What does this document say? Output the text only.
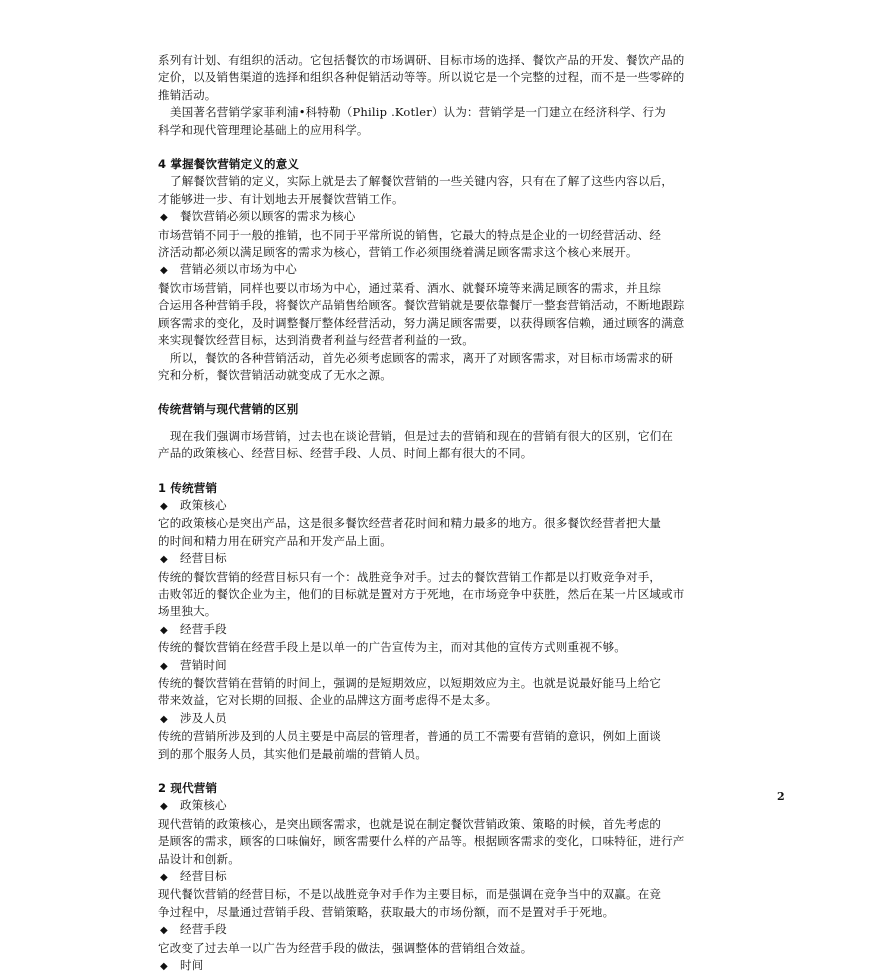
系列有计划、有组织的活动。它包括餐饮的市场调研、目标市场的选择、餐饮产品的开发、餐饮产品的
定价，以及销售渠道的选择和组织各种促销活动等等。所以说它是一个完整的过程，而不是一些零碎的
推销活动。
美国著名营销学家菲利浦•科特勒（Philip .Kotler）认为：营销学是一门建立在经济科学、行为
科学和现代管理理论基础上的应用科学。
4 掌握餐饮营销定义的意义
了解餐饮营销的定义，实际上就是去了解餐饮营销的一些关键内容，只有在了解了这些内容以后，
才能够进一步、有计划地去开展餐饮营销工作。
◆ 餐饮营销必须以顾客的需求为核心
市场营销不同于一般的推销，也不同于平常所说的销售，它最大的特点是企业的一切经营活动、经
济活动都必须以满足顾客的需求为核心，营销工作必须围绕着满足顾客需求这个核心来展开。
◆ 营销必须以市场为中心
餐饮市场营销，同样也要以市场为中心，通过菜肴、酒水、就餐环境等来满足顾客的需求，并且综
合运用各种营销手段，将餐饮产品销售给顾客。餐饮营销就是要依靠餐厅一整套营销活动，不断地跟踪
顾客需求的变化，及时调整餐厅整体经营活动，努力满足顾客需要，以获得顾客信赖，通过顾客的满意
来实现餐饮经营目标，达到消费者利益与经营者利益的一致。
所以，餐饮的各种营销活动，首先必须考虑顾客的需求，离开了对顾客需求，对目标市场需求的研
究和分析，餐饮营销活动就变成了无水之源。
传统营销与现代营销的区别
现在我们强调市场营销，过去也在谈论营销，但是过去的营销和现在的营销有很大的区别，它们在
产品的政策核心、经营目标、经营手段、人员、时间上都有很大的不同。
1 传统营销
◆ 政策核心
它的政策核心是突出产品，这是很多餐饮经营者花时间和精力最多的地方。很多餐饮经营者把大量
的时间和精力用在研究产品和开发产品上面。
◆ 经营目标
传统的餐饮营销的经营目标只有一个：战胜竞争对手。过去的餐饮营销工作都是以打败竞争对手，
击败邻近的餐饮企业为主，他们的目标就是置对方于死地，在市场竞争中获胜，然后在某一片区域或市
场里独大。
◆ 经营手段
传统的餐饮营销在经营手段上是以单一的广告宣传为主，而对其他的宣传方式则重视不够。
◆ 营销时间
传统的餐饮营销在营销的时间上，强调的是短期效应，以短期效应为主。也就是说最好能马上给它
带来效益，它对长期的回报、企业的品牌这方面考虑得不是太多。
◆ 涉及人员
传统的营销所涉及到的人员主要是中高层的管理者，普通的员工不需要有营销的意识，例如上面谈
到的那个服务人员，其实他们是最前端的营销人员。
2 现代营销
◆ 政策核心
现代营销的政策核心，是突出顾客需求，也就是说在制定餐饮营销政策、策略的时候，首先考虑的
是顾客的需求，顾客的口味偏好，顾客需要什么样的产品等。根据顾客需求的变化，口味特征，进行产
品设计和创新。
◆ 经营目标
现代餐饮营销的经营目标，不是以战胜竞争对手作为主要目标，而是强调在竞争当中的双赢。在竞
争过程中，尽量通过营销手段、营销策略，获取最大的市场份额，而不是置对手于死地。
◆ 经营手段
它改变了过去单一以广告为经营手段的做法，强调整体的营销组合效益。
◆ 时间
2
